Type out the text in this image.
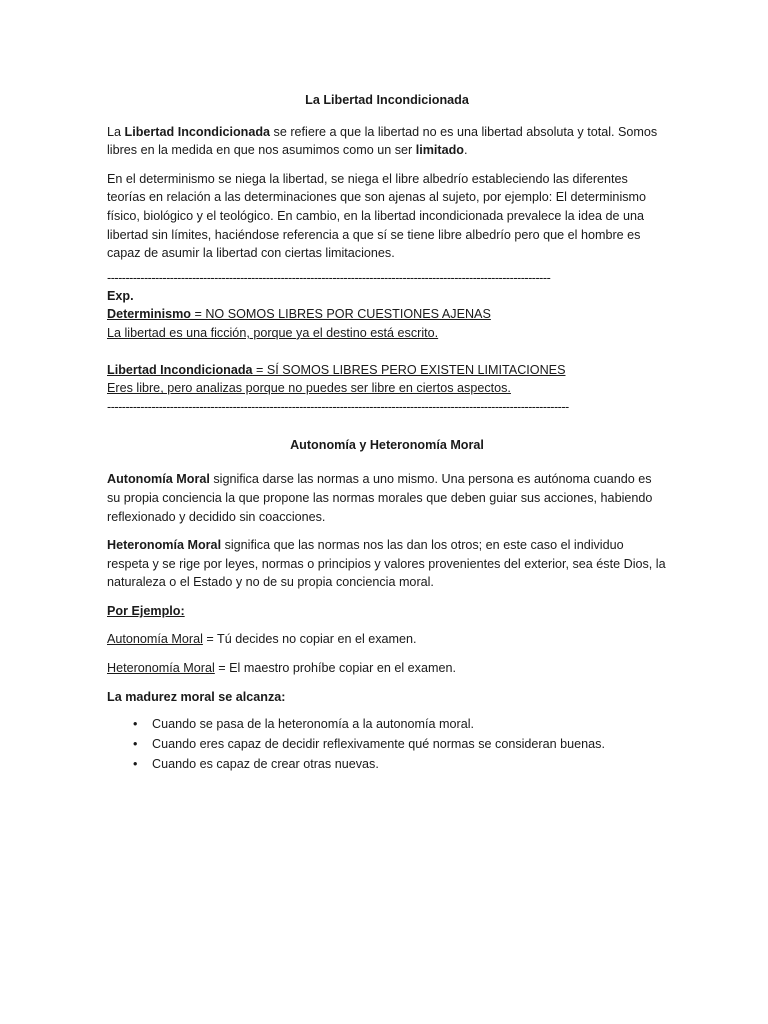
La Libertad Incondicionada

La Libertad Incondicionada se refiere a que la libertad no es una libertad absoluta y total. Somos libres en la medida en que nos asumimos como un ser limitado.

En el determinismo se niega la libertad, se niega el libre albedrío estableciendo las diferentes teorías en relación a las determinaciones que son ajenas al sujeto, por ejemplo: El determinismo físico, biológico y el teológico. En cambio, en la libertad incondicionada prevalece la idea de una libertad sin límites, haciéndose referencia a que sí se tiene libre albedrío pero que el hombre es capaz de asumir la libertad con ciertas limitaciones.

------------------------------------------------------------------------------------------------------------------------
Exp.
Determinismo = NO SOMOS LIBRES POR CUESTIONES AJENAS
La libertad es una ficción, porque ya el destino está escrito.
Libertad Incondicionada = SÍ SOMOS LIBRES PERO EXISTEN LIMITACIONES
Eres libre, pero analizas porque no puedes ser libre en ciertos aspectos.
-----------------------------------------------------------------------------------------------------------------------------
Autonomía y Heteronomía Moral

Autonomía Moral significa darse las normas a uno mismo. Una persona es autónoma cuando es su propia conciencia la que propone las normas morales que deben guiar sus acciones, habiendo reflexionado y decidido sin coacciones.

Heteronomía Moral significa que las normas nos las dan los otros; en este caso el individuo respeta y se rige por leyes, normas o principios y valores provenientes del exterior, sea éste Dios, la naturaleza o el Estado y no de su propia conciencia moral.

Por Ejemplo:

Autonomía Moral = Tú decides no copiar en el examen.

Heteronomía Moral = El maestro prohíbe copiar en el examen.

La madurez moral se alcanza:

• Cuando se pasa de la heteronomía a la autonomía moral.
• Cuando eres capaz de decidir reflexivamente qué normas se consideran buenas.
• Cuando es capaz de crear otras nuevas.
